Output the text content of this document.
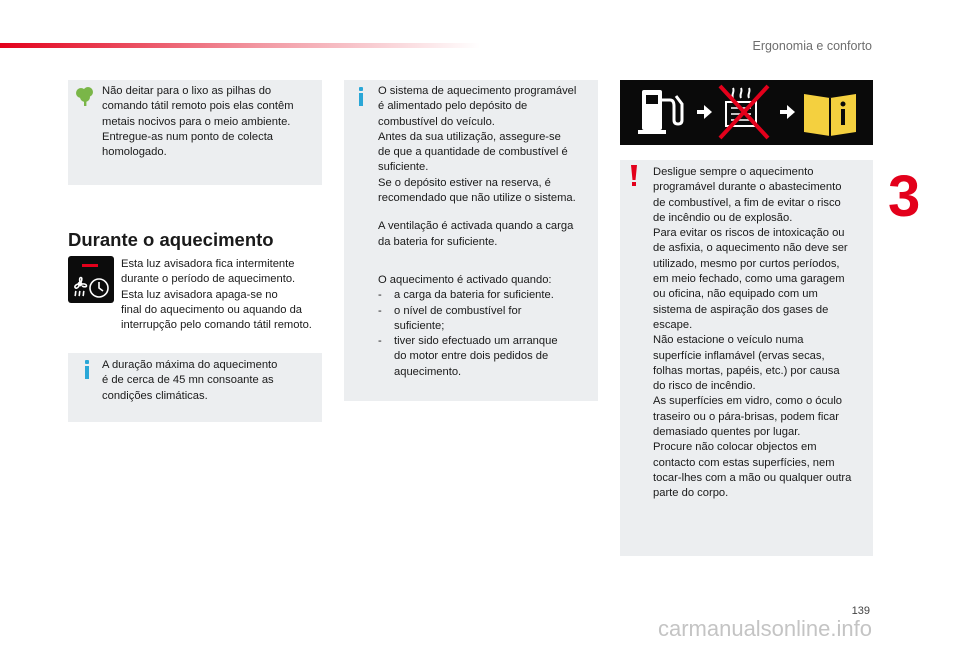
Ergonomia e conforto

Não deitar para o lixo as pilhas do

comando tátil remoto pois elas contêm

metais nocivos para o meio ambiente.

Entregue-as num ponto de colecta

homologado.

Durante o aquecimento

Esta luz avisadora fica intermitente

durante o período de aquecimento.

Esta luz avisadora apaga-se no

final do aquecimento ou aquando da

interrupção pelo comando tátil remoto.

A duração máxima do aquecimento

é de cerca de 45 mn consoante as

condições climáticas.

O sistema de aquecimento programável

é alimentado pelo depósito de

combustível do veículo.

Antes da sua utilização, assegure-se

de que a quantidade de combustível é

suficiente.

Se o depósito estiver na reserva, é

recomendado que não utilize o sistema.

A ventilação é activada quando a carga

da bateria for suficiente.

O aquecimento é activado quando:

-	a carga da bateria for suficiente.

-	o nível de combustível for

suficiente;

-	tiver sido efectuado um arranque

do motor entre dois pedidos de

aquecimento.

Desligue sempre o aquecimento

programável durante o abastecimento

de combustível, a fim de evitar o risco

de incêndio ou de explosão.

Para evitar os riscos de intoxicação ou

de asfixia, o aquecimento não deve ser

utilizado, mesmo por curtos períodos,

em meio fechado, como uma garagem

ou oficina, não equipado com um

sistema de aspiração dos gases de

escape.

Não estacione o veículo numa

superfície inflamável (ervas secas,

folhas mortas, papéis, etc.) por causa

do risco de incêndio.

As superfícies em vidro, como o óculo

traseiro ou o pára-brisas, podem ficar

demasiado quentes por lugar.

Procure não colocar objectos em

contacto com estas superfícies, nem

tocar-lhes com a mão ou qualquer outra

parte do corpo.

3
139
carmanualsonline.info
